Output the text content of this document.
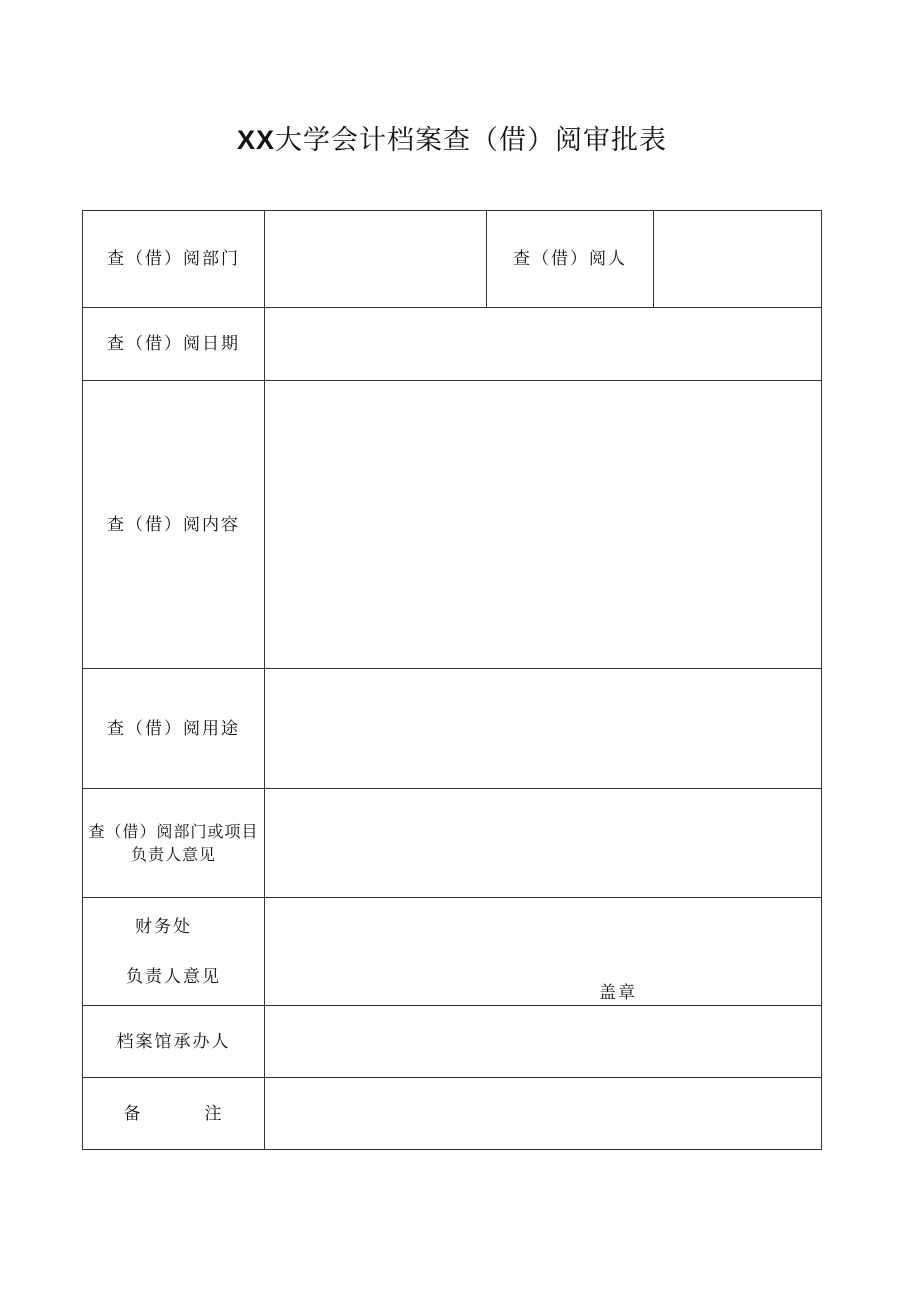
XX大学会计档案查（借）阅审批表
查（借）阅部门		查（借）阅人	
查（借）阅日期			
查（借）阅内容			
查（借）阅用途			
查（借）阅部门或项目负责人意见			

财务处
负责人意见	盖章		

档案馆承办人			
备 注			
